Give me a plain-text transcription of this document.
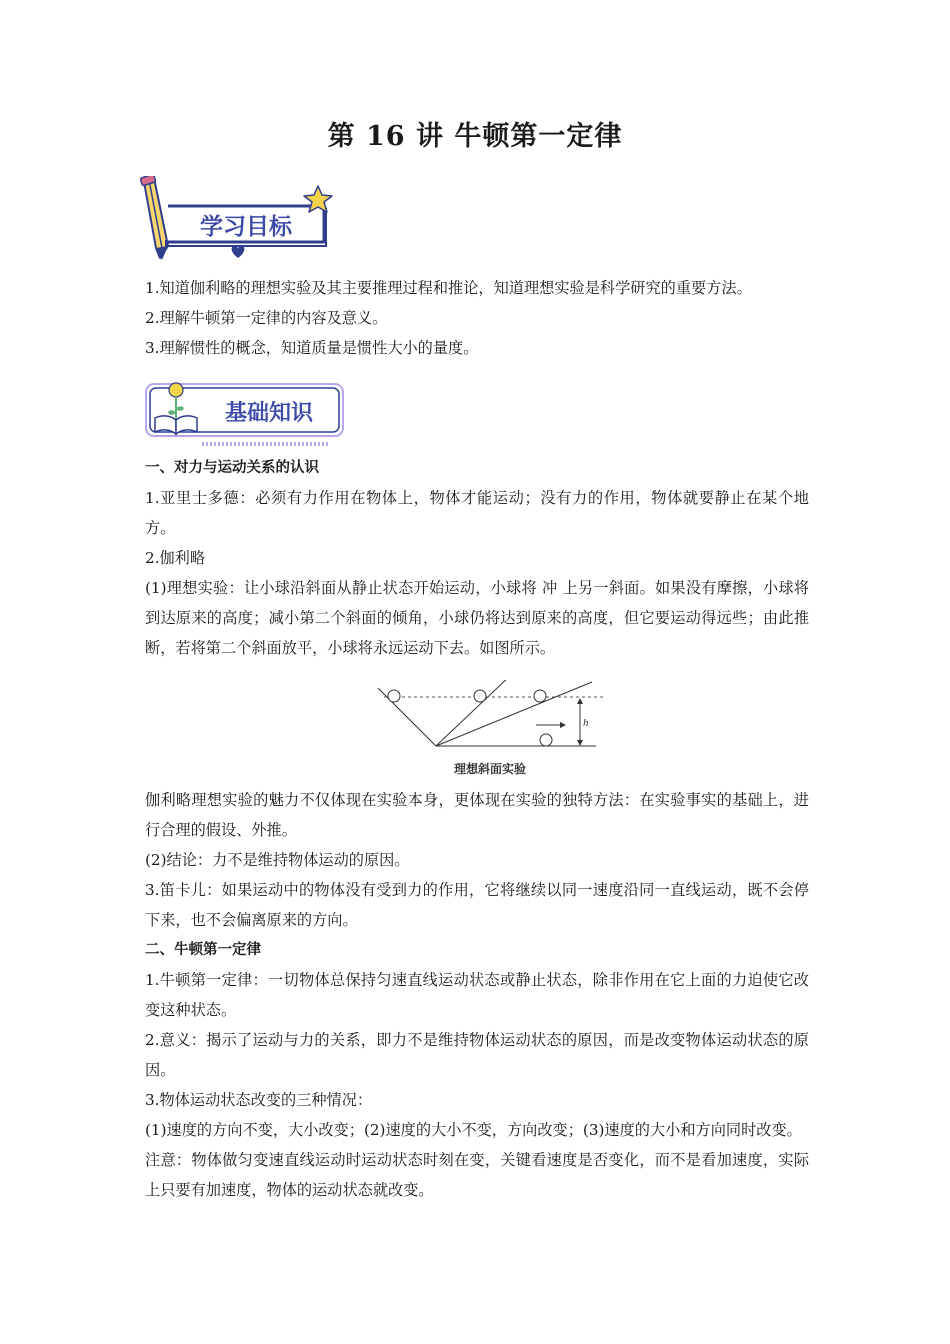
第 16 讲 牛顿第一定律
学习目标

1.知道伽利略的理想实验及其主要推理过程和推论，知道理想实验是科学研究的重要方法。

2.理解牛顿第一定律的内容及意义。

3.理解惯性的概念，知道质量是惯性大小的量度。

基础知识

一、对力与运动关系的认识

1.亚里士多德：必须有力作用在物体上，物体才能运动；没有力的作用，物体就要静止在某个地方。

2.伽利略

(1)理想实验：让小球沿斜面从静止状态开始运动，小球将 冲 上另一斜面。如果没有摩擦，小球将到达原来的高度；减小第二个斜面的倾角，小球仍将达到原来的高度，但它要运动得远些；由此推断，若将第二个斜面放平，小球将永远运动下去。如图所示。

h
理想斜面实验

伽利略理想实验的魅力不仅体现在实验本身，更体现在实验的独特方法：在实验事实的基础上，进行合理的假设、外推。

(2)结论：力不是维持物体运动的原因。

3.笛卡儿：如果运动中的物体没有受到力的作用，它将继续以同一速度沿同一直线运动，既不会停下来，也不会偏离原来的方向。

二、牛顿第一定律

1.牛顿第一定律：一切物体总保持匀速直线运动状态或静止状态，除非作用在它上面的力迫使它改变这种状态。

2.意义：揭示了运动与力的关系，即力不是维持物体运动状态的原因，而是改变物体运动状态的原因。

3.物体运动状态改变的三种情况：

(1)速度的方向不变，大小改变；(2)速度的大小不变，方向改变；(3)速度的大小和方向同时改变。

注意：物体做匀变速直线运动时运动状态时刻在变，关键看速度是否变化，而不是看加速度，实际上只要有加速度，物体的运动状态就改变。
